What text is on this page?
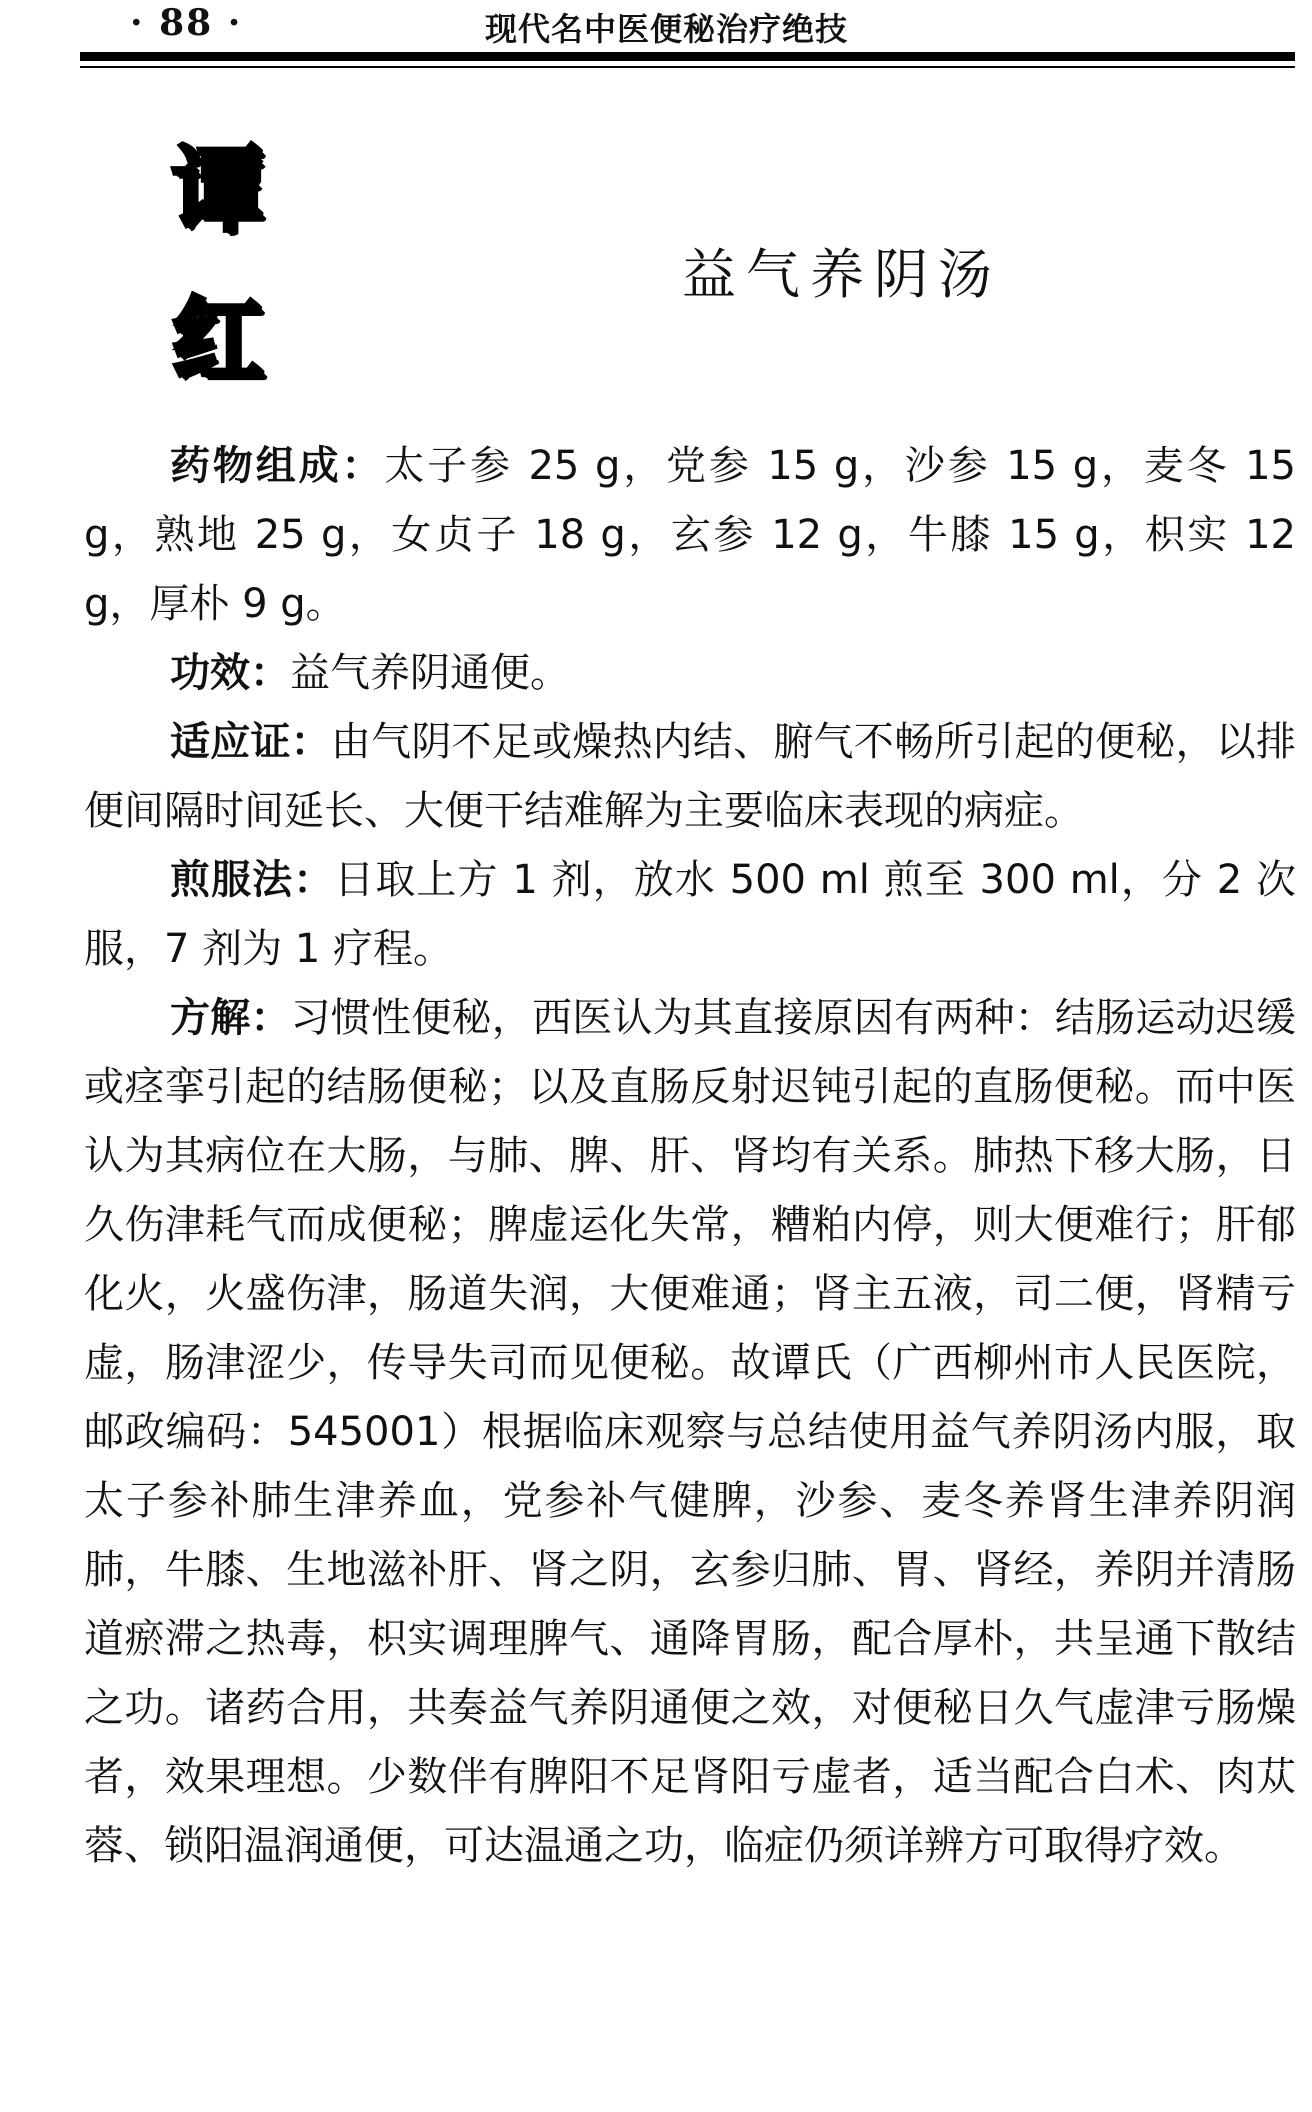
· 88 ·	现代名中医便秘治疗绝技
谭
红
益气养阴汤

药物组成：太子参 25 g，党参 15 g，沙参 15 g，麦冬 15 g，熟地 25 g，女贞子 18 g，玄参 12 g，牛膝 15 g，枳实 12 g，厚朴 9 g。

功效：益气养阴通便。

适应证：由气阴不足或燥热内结、腑气不畅所引起的便秘，以排便间隔时间延长、大便干结难解为主要临床表现的病症。

煎服法：日取上方 1 剂，放水 500 ml 煎至 300 ml，分 2 次服，7 剂为 1 疗程。

方解：习惯性便秘，西医认为其直接原因有两种：结肠运动迟缓或痉挛引起的结肠便秘；以及直肠反射迟钝引起的直肠便秘。而中医认为其病位在大肠，与肺、脾、肝、肾均有关系。肺热下移大肠，日久伤津耗气而成便秘；脾虚运化失常，糟粕内停，则大便难行；肝郁化火，火盛伤津，肠道失润，大便难通；肾主五液，司二便，肾精亏虚，肠津涩少，传导失司而见便秘。故谭氏（广西柳州市人民医院，邮政编码：545001）根据临床观察与总结使用益气养阴汤内服，取太子参补肺生津养血，党参补气健脾，沙参、麦冬养肾生津养阴润肺，牛膝、生地滋补肝、肾之阴，玄参归肺、胃、肾经，养阴并清肠道瘀滞之热毒，枳实调理脾气、通降胃肠，配合厚朴，共呈通下散结之功。诸药合用，共奏益气养阴通便之效，对便秘日久气虚津亏肠燥者，效果理想。少数伴有脾阳不足肾阳亏虚者，适当配合白术、肉苁蓉、锁阳温润通便，可达温通之功，临症仍须详辨方可取得疗效。
